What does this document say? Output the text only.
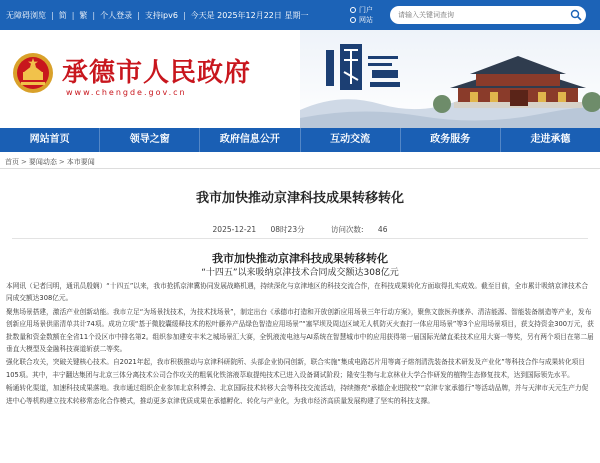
无障碍浏览 | 简 | 繁 | 个人登录 | 支持ipv6 | 今天是 2025年12月22日 星期一
门户
网站
请输入关键词查询
承德市人民政府
www.chengde.gov.cn
网站首页	领导之窗	政府信息公开	互动交流	政务服务	走进承德
首页 > 要闻动态 > 本市要闻
我市加快推动京津科技成果转移转化
2025-12-21 08时23分	访问次数: 46
我市加快推动京津科技成果转移转化
“十四五”以来吸纳京津技术合同成交额达308亿元

本网讯（记者闫明，通讯员殷娴）“十四五”以来，我市抢抓京津冀协同发展战略机遇，持续深化与京津地区的科技交流合作，在科技成果转化方面取得扎实成效。截至目前，全市累计吸纳京津技术合同成交额达308亿元。

聚焦场景搭建，激活产业创新动能。我市立足“为场景找技术，为技术找场景”，制定出台《承德市打造和开放创新应用场景三年行动方案》，聚焦文旅医养康养、清洁能源、智能装备制造等产业，发布创新应用场景供需清单共计74项。成功立项“基于微胶囊缓释技术的松叶藤养产品绿色智造应用场景”“塞罕坝及周边区域无人机防灭火查打一体应用场景”等3个应用场景项目，获支持资金300万元，获批数量和资金数额在全省11个设区市中排名第2。组织参加建安丰米之城场景汇大赛，全钒液流电池与AI系统在智慧城市中的应用获得第一届国际光储直柔技术应用大赛一等奖，另有两个项目在第二届垂直大模型及金融科技赛道斩获二等奖。

强化联合攻关，突破关键核心技术。自2021年起，我市积极推动与京津科研院所、头部企业协同创新，联合实施“集成电路芯片用等离子熔剂清洗装备技术研发及产业化”等科技合作与成果转化项目105项。其中，丰宁翻达集团与北京三体分离技术公司合作攻关的粗氧化铁溶液萃取提纯技术已进入设备调试阶段；隆安生物与北京林业大学合作研发的植物生态修复技术，达到国际领先水平。

畅通转化渠道，加速科技成果落地。我市通过组织企业参加北京科博会、北京国际技术转移大会等科技交流活动，持续擦亮“承德企业进院校”“京津专家承德行”等活动品牌，并与天津市天元生产力促进中心等机构建立技术转移常态化合作模式，推动更多京津优质成果在承德孵化、转化与产业化，为我市经济高质量发展构建了坚实的科技支撑。
